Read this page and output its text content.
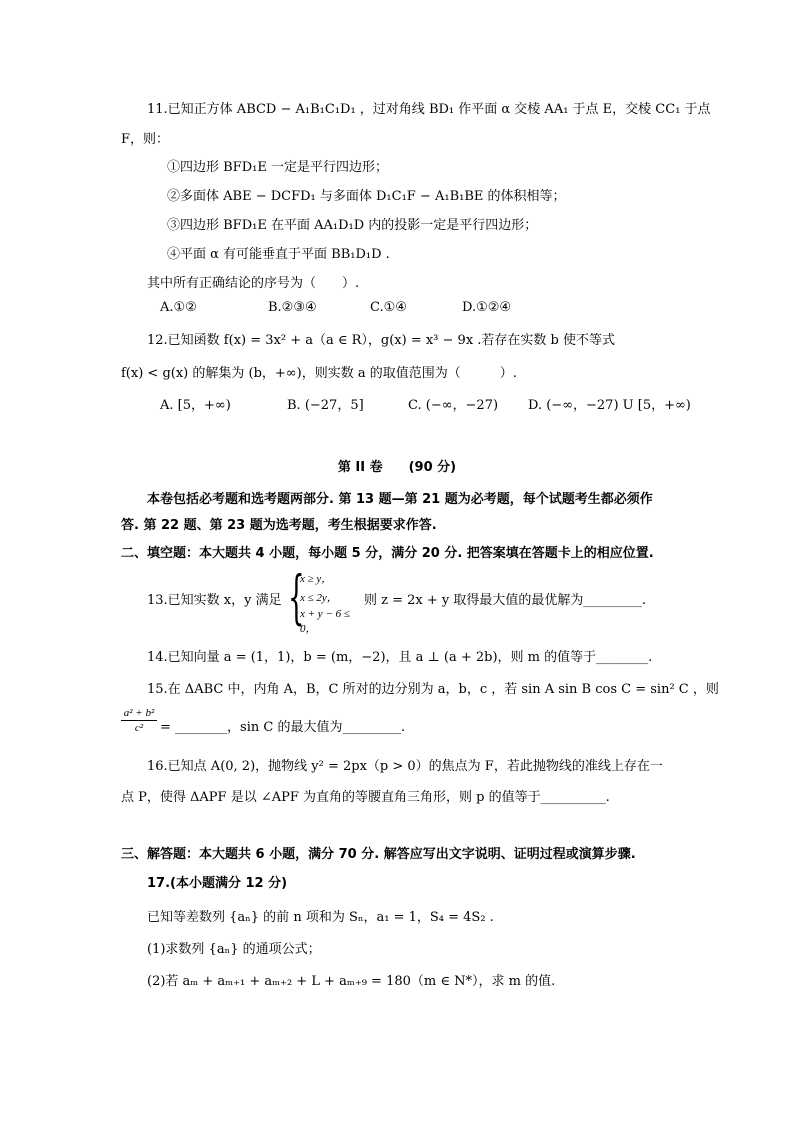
11.已知正方体 ABCD − A₁B₁C₁D₁ ，过对角线 BD₁ 作平面 α 交棱 AA₁ 于点 E，交棱 CC₁ 于点
F，则：
①四边形 BFD₁E 一定是平行四边形；
②多面体 ABE − DCFD₁ 与多面体 D₁C₁F − A₁B₁BE 的体积相等；
③四边形 BFD₁E 在平面 AA₁D₁D 内的投影一定是平行四边形；
④平面 α 有可能垂直于平面 BB₁D₁D .
其中所有正确结论的序号为（　　）.
A.①②	B.②③④	C.①④	D.①②④
12.已知函数 f(x) = 3x² + a（a ∈ R），g(x) = x³ − 9x .若存在实数 b 使不等式
f(x) < g(x) 的解集为 (b，+∞)，则实数 a 的取值范围为（　　　）.
A. [5，+∞)	B. (−27，5]	C. (−∞，−27) D. (−∞，−27) U [5，+∞)
第 II 卷　　(90 分)
本卷包括必考题和选考题两部分. 第 13 题—第 21 题为必考题，每个试题考生都必须作
答. 第 22 题、第 23 题为选考题，考生根据要求作答.
二、填空题：本大题共 4 小题，每小题 5 分，满分 20 分. 把答案填在答题卡上的相应位置.
13.已知实数 x，y 满足 {
x ≥ y，
x ≤ 2y，
x + y − 6 ≤ 0，
则 z = 2x + y 取得最大值的最优解为_________.
14.已知向量 a = (1，1)，b = (m，−2)，且 a ⊥ (a + 2b)，则 m 的值等于________.
15.在 ΔABC 中，内角 A，B，C 所对的边分别为 a，b，c ，若 sin A sin B cos C = sin² C ，则
$\frac{\text{a² + b²}}{\text{c²}}$ = ________，sin C 的最大值为_________.
16.已知点 A(0, 2)，抛物线 y² = 2px（p > 0）的焦点为 F，若此抛物线的准线上存在一
点 P，使得 ΔAPF 是以 ∠APF 为直角的等腰直角三角形，则 p 的值等于__________.
三、解答题：本大题共 6 小题，满分 70 分. 解答应写出文字说明、证明过程或演算步骤.
17.(本小题满分 12 分)
已知等差数列 {aₙ} 的前 n 项和为 Sₙ，a₁ = 1，S₄ = 4S₂ .
(1)求数列 {aₙ} 的通项公式；
(2)若 aₘ + aₘ₊₁ + aₘ₊₂ + L + aₘ₊₉ = 180（m ∈ N*），求 m 的值.
